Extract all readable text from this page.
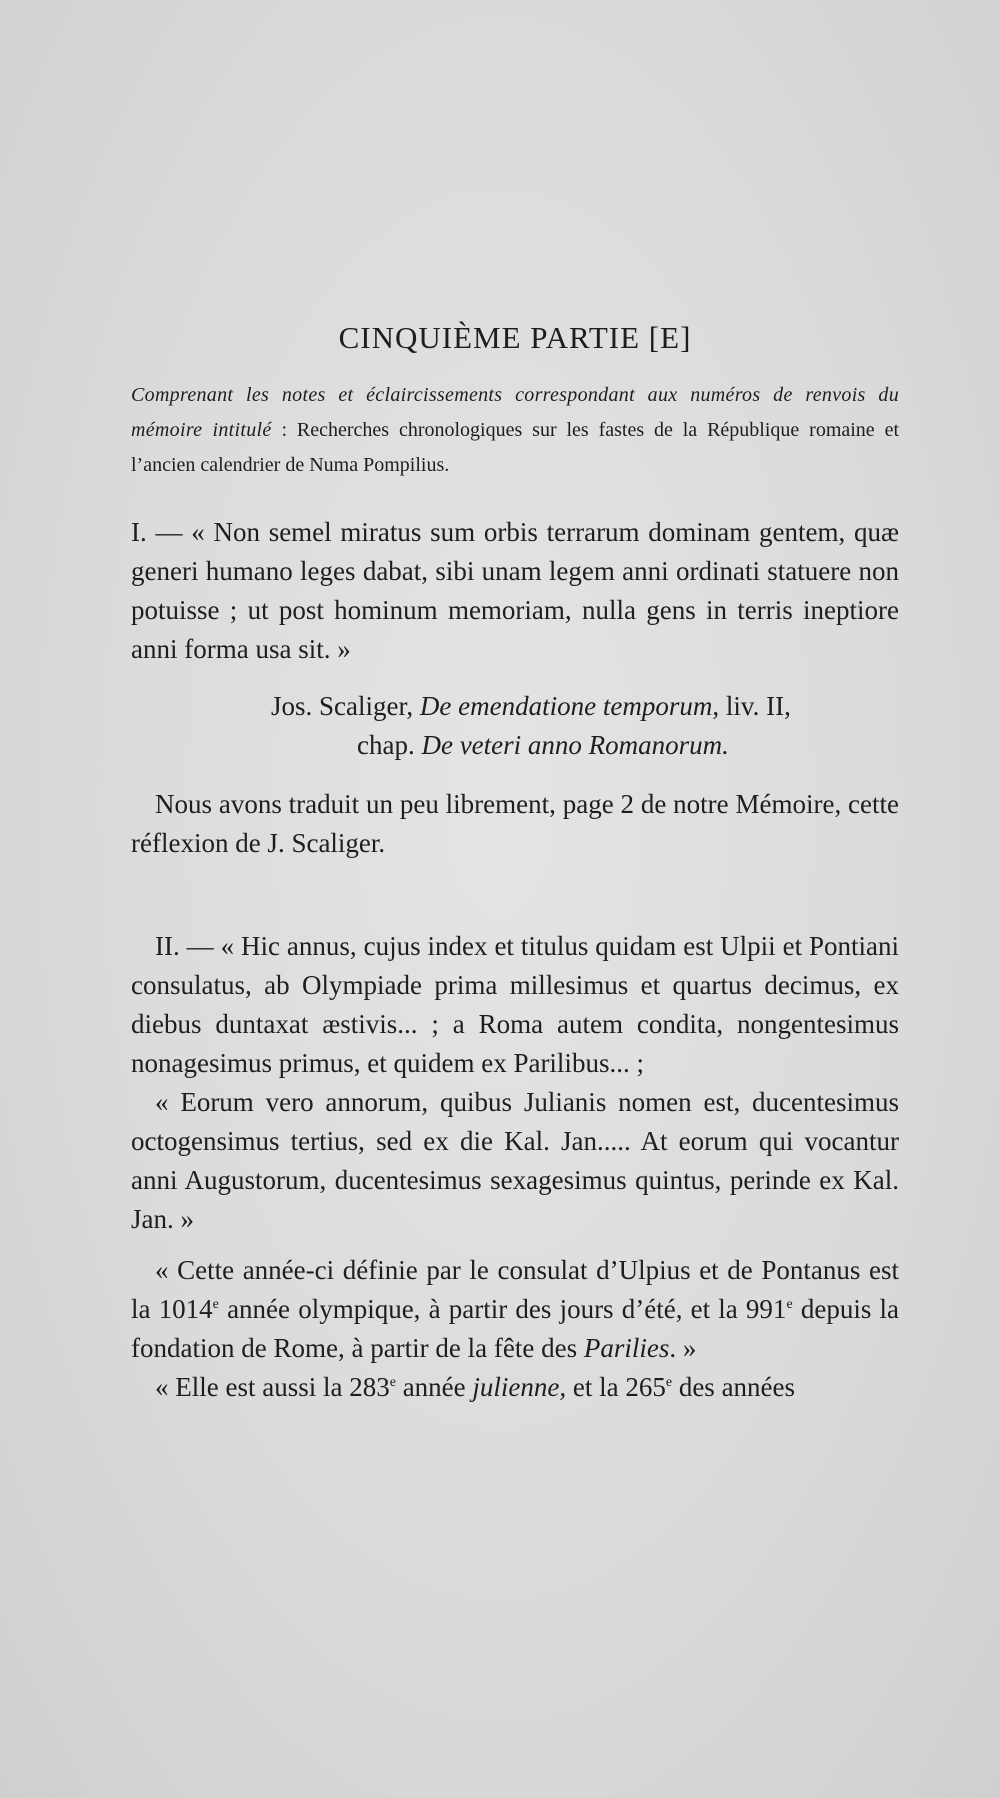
CINQUIÈME PARTIE [E]

Comprenant les notes et éclaircissements correspondant aux numéros de renvois du mémoire intitulé : Recherches chronologiques sur les fastes de la République romaine et l’ancien calendrier de Numa Pompilius.

I. — « Non semel miratus sum orbis terrarum dominam gentem, quæ generi humano leges dabat, sibi unam legem anni ordinati statuere non potuisse ; ut post hominum memoriam, nulla gens in terris ineptiore anni forma usa sit. »

Jos. Scaliger, De emendatione temporum, liv. II,
chap. De veteri anno Romanorum.

Nous avons traduit un peu librement, page 2 de notre Mémoire, cette réflexion de J. Scaliger.

II. — « Hic annus, cujus index et titulus quidam est Ulpii et Pontiani consulatus, ab Olympiade prima millesimus et quartus decimus, ex diebus duntaxat æstivis... ; a Roma autem condita, nongentesimus nonagesimus primus, et quidem ex Parilibus... ;

« Eorum vero annorum, quibus Julianis nomen est, ducentesimus octogensimus tertius, sed ex die Kal. Jan..... At eorum qui vocantur anni Augustorum, ducentesimus sexagesimus quintus, perinde ex Kal. Jan. »

« Cette année-ci définie par le consulat d’Ulpius et de Pontanus est la 1014e année olympique, à partir des jours d’été, et la 991e depuis la fondation de Rome, à partir de la fête des Parilies. »

« Elle est aussi la 283e année julienne, et la 265e des années
